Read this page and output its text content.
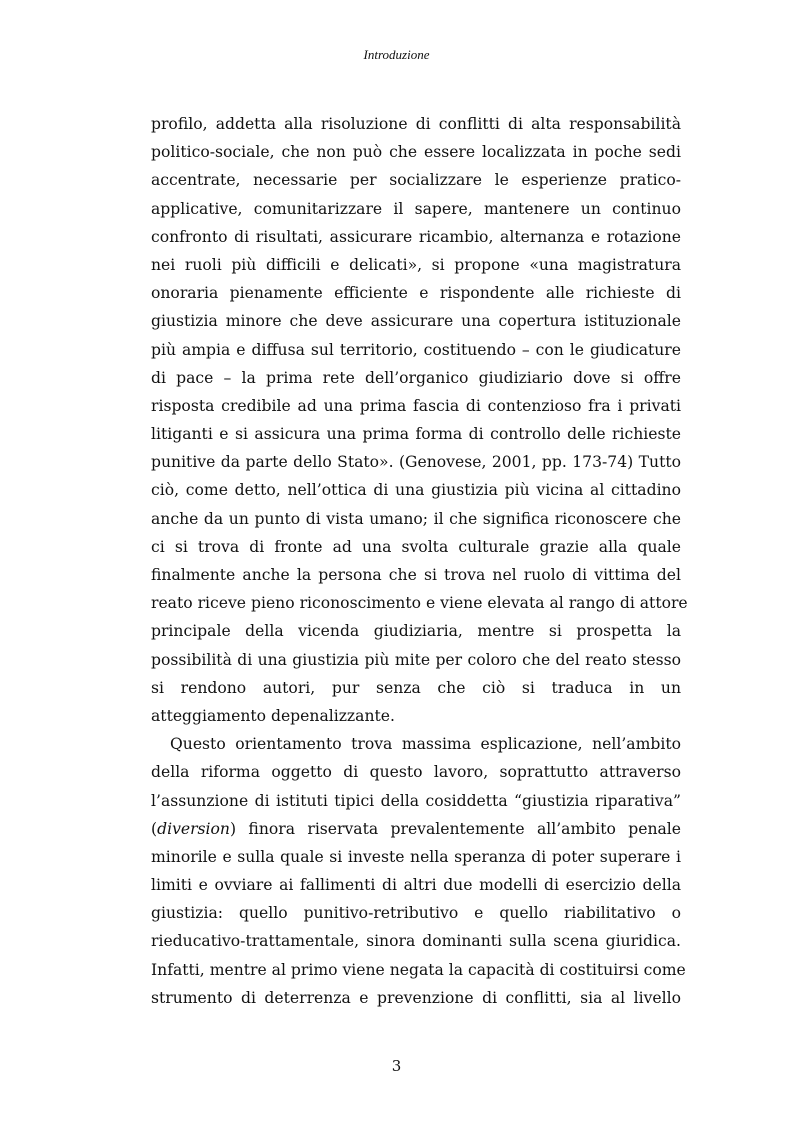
Introduzione
profilo, addetta alla risoluzione di conflitti di alta responsabilità
politico-sociale, che non può che essere localizzata in poche sedi
accentrate, necessarie per socializzare le esperienze pratico-
applicative, comunitarizzare il sapere, mantenere un continuo
confronto di risultati, assicurare ricambio, alternanza e rotazione
nei ruoli più difficili e delicati», si propone «una magistratura
onoraria pienamente efficiente e rispondente alle richieste di
giustizia minore che deve assicurare una copertura istituzionale
più ampia e diffusa sul territorio, costituendo – con le giudicature
di pace – la prima rete dell’organico giudiziario dove si offre
risposta credibile ad una prima fascia di contenzioso fra i privati
litiganti e si assicura una prima forma di controllo delle richieste
punitive da parte dello Stato». (Genovese, 2001, pp. 173-74) Tutto
ciò, come detto, nell’ottica di una giustizia più vicina al cittadino
anche da un punto di vista umano; il che significa riconoscere che
ci si trova di fronte ad una svolta culturale grazie alla quale
finalmente anche la persona che si trova nel ruolo di vittima del
reato riceve pieno riconoscimento e viene elevata al rango di attore
principale della vicenda giudiziaria, mentre si prospetta la
possibilità di una giustizia più mite per coloro che del reato stesso
si rendono autori, pur senza che ciò si traduca in un
atteggiamento depenalizzante.
Questo orientamento trova massima esplicazione, nell’ambito
della riforma oggetto di questo lavoro, soprattutto attraverso
l’assunzione di istituti tipici della cosiddetta “giustizia riparativa”
(diversion) finora riservata prevalentemente all’ambito penale
minorile e sulla quale si investe nella speranza di poter superare i
limiti e ovviare ai fallimenti di altri due modelli di esercizio della
giustizia: quello punitivo-retributivo e quello riabilitativo o
rieducativo-trattamentale, sinora dominanti sulla scena giuridica.
Infatti, mentre al primo viene negata la capacità di costituirsi come
strumento di deterrenza e prevenzione di conflitti, sia al livello
3
